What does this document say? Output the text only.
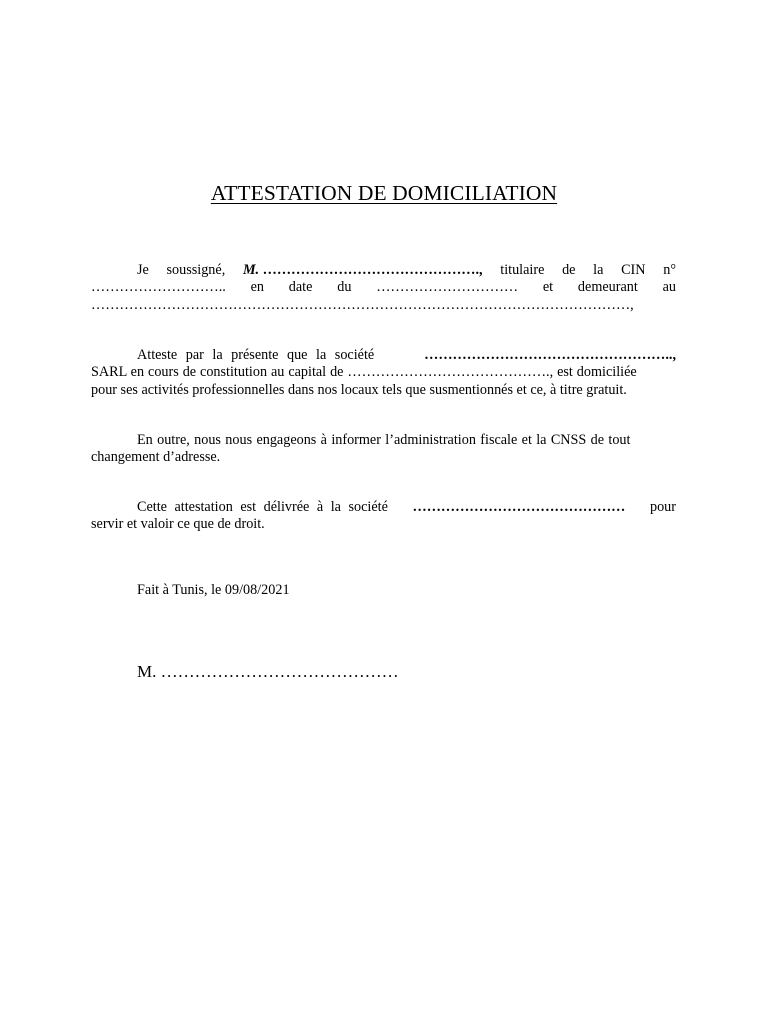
ATTESTATION DE DOMICILIATION
Je soussigné, M. ………………………………………., titulaire de la CIN n°
……………………….. en date du ………………………… et demeurant au
……………………………………………………………………………………………………,
Atteste par la présente que la société	……………………………………………..,
SARL en cours de constitution au capital de ……………………………………., est domiciliée
pour ses activités professionnelles dans nos locaux tels que susmentionnés et ce, à titre gratuit.
En outre, nous nous engageons à informer l’administration fiscale et la CNSS de tout
changement d’adresse.
Cette attestation est délivrée à la société ……………………………………… pour
servir et valoir ce que de droit.
Fait à Tunis, le 09/08/2021
M. ……………………………………
